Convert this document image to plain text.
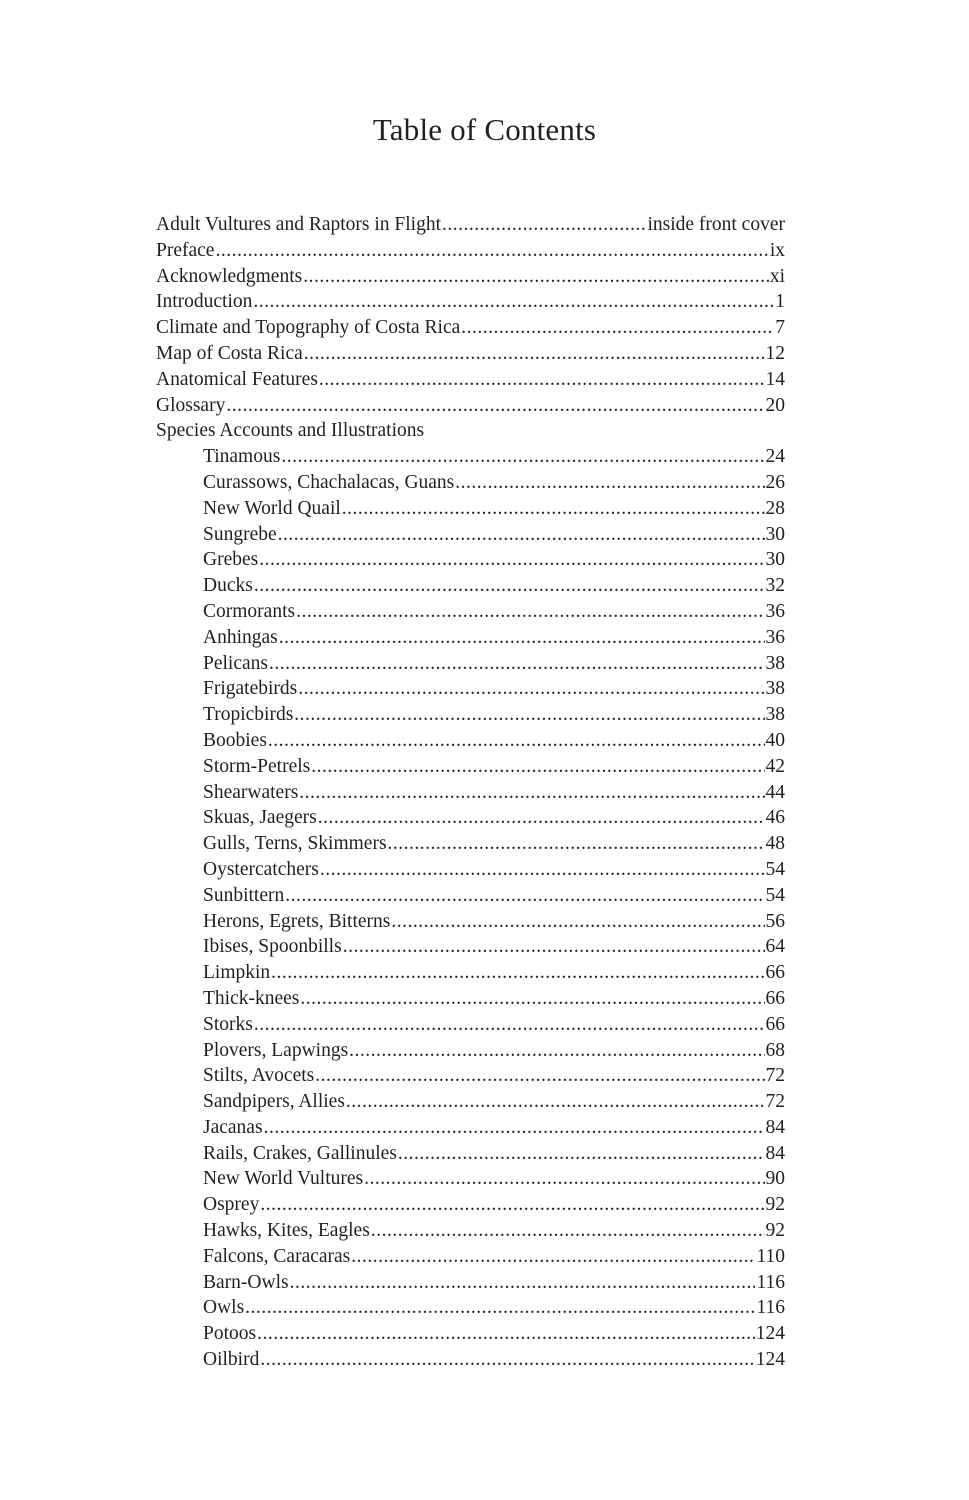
Table of Contents
Adult Vultures and Raptors in Flight .....	inside front cover
Preface .....	ix
Acknowledgments .....	xi
Introduction .....	1
Climate and Topography of Costa Rica .....	7
Map of Costa Rica .....	12
Anatomical Features .....	14
Glossary .....	20
Species Accounts and Illustrations
Tinamous .....	24
Curassows, Chachalacas, Guans .....	26
New World Quail .....	28
Sungrebe .....	30
Grebes .....	30
Ducks .....	32
Cormorants .....	36
Anhingas .....	36
Pelicans .....	38
Frigatebirds .....	38
Tropicbirds .....	38
Boobies .....	40
Storm-Petrels .....	42
Shearwaters .....	44
Skuas, Jaegers .....	46
Gulls, Terns, Skimmers .....	48
Oystercatchers .....	54
Sunbittern .....	54
Herons, Egrets, Bitterns .....	56
Ibises, Spoonbills .....	64
Limpkin .....	66
Thick-knees .....	66
Storks .....	66
Plovers, Lapwings .....	68
Stilts, Avocets .....	72
Sandpipers, Allies .....	72
Jacanas .....	84
Rails, Crakes, Gallinules .....	84
New World Vultures .....	90
Osprey .....	92
Hawks, Kites, Eagles .....	92
Falcons, Caracaras .....	110
Barn-Owls .....	116
Owls .....	116
Potoos .....	124
Oilbird .....	124
